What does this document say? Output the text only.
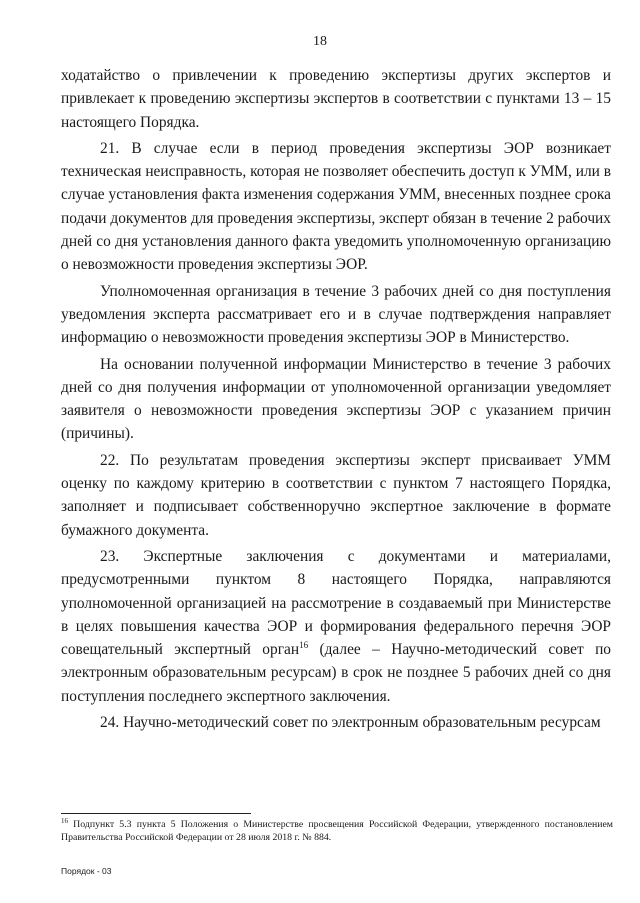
18

ходатайство о привлечении к проведению экспертизы других экспертов и привлекает к проведению экспертизы экспертов в соответствии с пунктами 13 – 15 настоящего Порядка.

21. В случае если в период проведения экспертизы ЭОР возникает техническая неисправность, которая не позволяет обеспечить доступ к УММ, или в случае установления факта изменения содержания УММ, внесенных позднее срока подачи документов для проведения экспертизы, эксперт обязан в течение 2 рабочих дней со дня установления данного факта уведомить уполномоченную организацию о невозможности проведения экспертизы ЭОР.

Уполномоченная организация в течение 3 рабочих дней со дня поступления уведомления эксперта рассматривает его и в случае подтверждения направляет информацию о невозможности проведения экспертизы ЭОР в Министерство.

На основании полученной информации Министерство в течение 3 рабочих дней со дня получения информации от уполномоченной организации уведомляет заявителя о невозможности проведения экспертизы ЭОР с указанием причин (причины).

22. По результатам проведения экспертизы эксперт присваивает УММ оценку по каждому критерию в соответствии с пунктом 7 настоящего Порядка, заполняет и подписывает собственноручно экспертное заключение в формате бумажного документа.

23. Экспертные заключения с документами и материалами, предусмотренными пунктом 8 настоящего Порядка, направляются уполномоченной организацией на рассмотрение в создаваемый при Министерстве в целях повышения качества ЭОР и формирования федерального перечня ЭОР совещательный экспертный орган$^{16}$ (далее – Научно-методический совет по электронным образовательным ресурсам) в срок не позднее 5 рабочих дней со дня поступления последнего экспертного заключения.

24. Научно-методический совет по электронным образовательным ресурсам

$^{16}$ Подпункт 5.3 пункта 5 Положения о Министерстве просвещения Российской Федерации, утвержденного постановлением Правительства Российской Федерации от 28 июля 2018 г. № 884.
Порядок - 03
